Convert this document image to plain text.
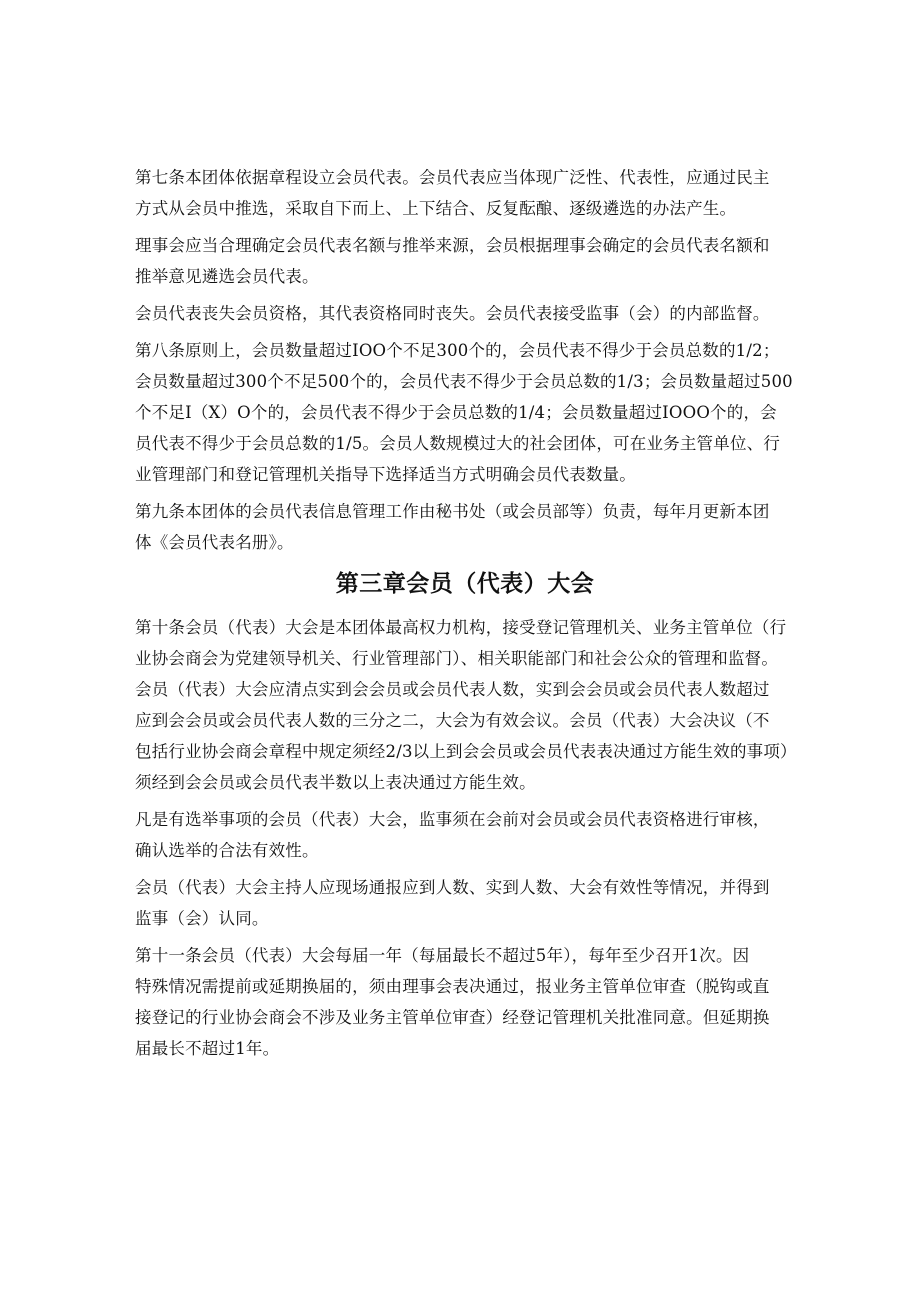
第七条本团体依据章程设立会员代表。会员代表应当体现广泛性、代表性，应通过民主
方式从会员中推选，采取自下而上、上下结合、反复酝酿、逐级遴选的办法产生。

理事会应当合理确定会员代表名额与推举来源，会员根据理事会确定的会员代表名额和
推举意见遴选会员代表。

会员代表丧失会员资格，其代表资格同时丧失。会员代表接受监事（会）的内部监督。

第八条原则上，会员数量超过IOO个不足300个的，会员代表不得少于会员总数的1/2；
会员数量超过300个不足500个的，会员代表不得少于会员总数的1/3；会员数量超过500
个不足I（X）O个的，会员代表不得少于会员总数的1/4；会员数量超过IOOO个的，会
员代表不得少于会员总数的1/5。会员人数规模过大的社会团体，可在业务主管单位、行
业管理部门和登记管理机关指导下选择适当方式明确会员代表数量。

第九条本团体的会员代表信息管理工作由秘书处（或会员部等）负责，每年月更新本团
体《会员代表名册》。

第三章会员（代表）大会

第十条会员（代表）大会是本团体最高权力机构，接受登记管理机关、业务主管单位（行
业协会商会为党建领导机关、行业管理部门）、相关职能部门和社会公众的管理和监督。
会员（代表）大会应清点实到会会员或会员代表人数，实到会会员或会员代表人数超过
应到会会员或会员代表人数的三分之二，大会为有效会议。会员（代表）大会决议（不
包括行业协会商会章程中规定须经2/3以上到会会员或会员代表表决通过方能生效的事项）
须经到会会员或会员代表半数以上表决通过方能生效。

凡是有选举事项的会员（代表）大会，监事须在会前对会员或会员代表资格进行审核，
确认选举的合法有效性。

会员（代表）大会主持人应现场通报应到人数、实到人数、大会有效性等情况，并得到
监事（会）认同。

第十一条会员（代表）大会每届一年（每届最长不超过5年），每年至少召开1次。因
特殊情况需提前或延期换届的，须由理事会表决通过，报业务主管单位审查（脱钩或直
接登记的行业协会商会不涉及业务主管单位审查）经登记管理机关批准同意。但延期换
届最长不超过1年。
